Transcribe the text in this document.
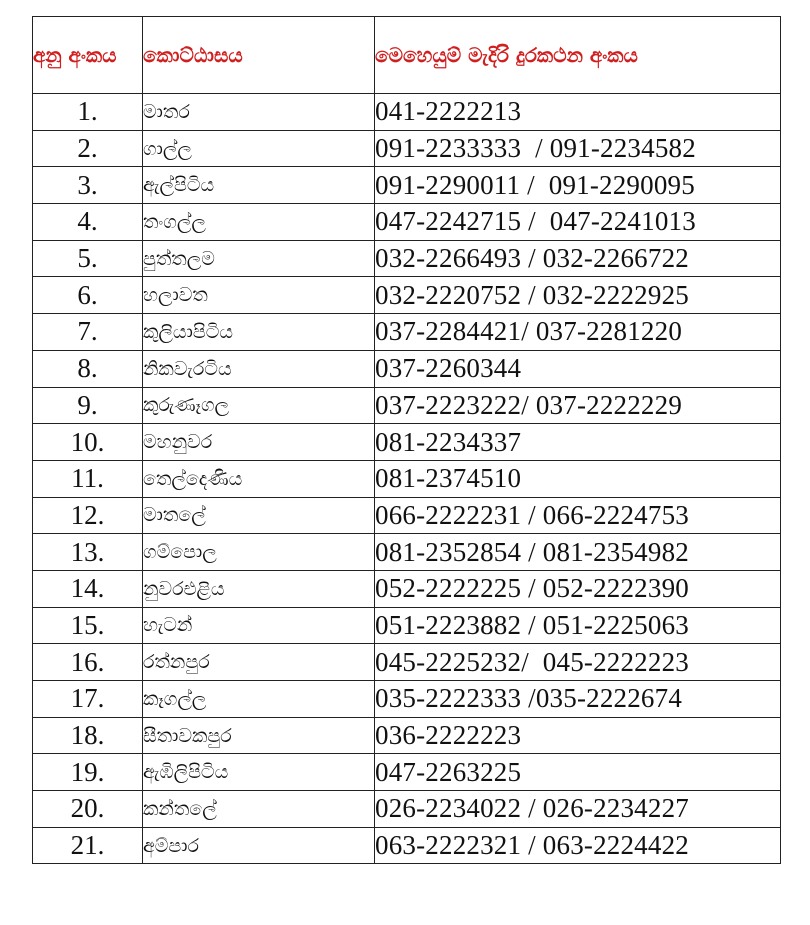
අනු අංකය	කොට්ඨාසය	මෙහෙයුම් මැදිරි දුරකථන අංකය
1.	මාතර	041-2222213
2.	ගාල්ල	091-2233333  / 091-2234582
3.	ඇල්පිටිය	091-2290011 /  091-2290095
4.	තංගල්ල	047-2242715 /  047-2241013
5.	පුත්තලම	032-2266493 / 032-2266722
6.	හලාවත	032-2220752 / 032-2222925
7.	කුලියාපිටිය	037-2284421/ 037-2281220
8.	නිකවැරටිය	037-2260344
9.	කුරුණෑගල	037-2223222/ 037-2222229
10.	මහනුවර	081-2234337
11.	තෙල්දෙණිය	081-2374510
12.	මාතලේ	066-2222231 / 066-2224753
13.	ගම්පොල	081-2352854 / 081-2354982
14.	නුවරඑළිය	052-2222225 / 052-2222390
15.	හැටන්	051-2223882 / 051-2225063
16.	රත්නපුර	045-2225232/  045-2222223
17.	කෑගල්ල	035-2222333 /035-2222674
18.	සීතාවකපුර	036-2222223
19.	ඇඹිලිපිටිය	047-2263225
20.	කන්තලේ	026-2234022 / 026-2234227
21.	අම්පාර	063-2222321 / 063-2224422
